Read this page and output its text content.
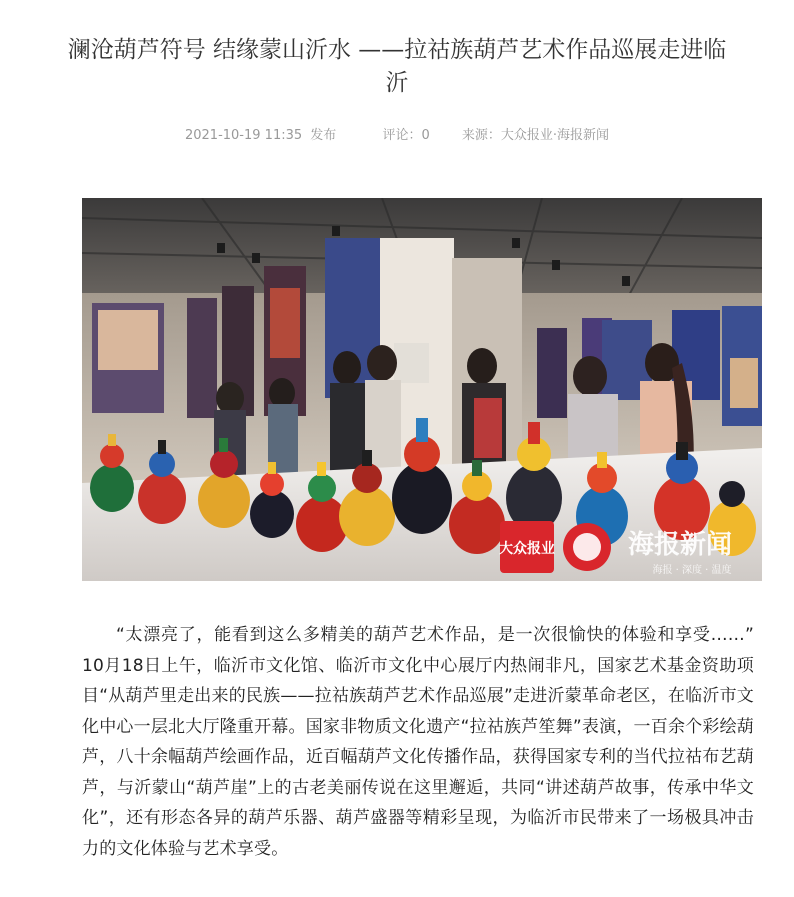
澜沧葫芦符号 结缘蒙山沂水 ——拉祜族葫芦艺术作品巡展走进临沂
2021-10-19 11:35 发布	评论：0 来源：大众报业·海报新闻
大众报业	海报新闻
海报 · 深度 · 温度

“太漂亮了，能看到这么多精美的葫芦艺术作品，是一次很愉快的体验和享受……” 10月18日上午，临沂市文化馆、临沂市文化中心展厅内热闹非凡，国家艺术基金资助项目“从葫芦里走出来的民族——拉祜族葫芦艺术作品巡展”走进沂蒙革命老区，在临沂市文化中心一层北大厅隆重开幕。国家非物质文化遗产“拉祜族芦笙舞”表演，一百余个彩绘葫芦，八十余幅葫芦绘画作品，近百幅葫芦文化传播作品，获得国家专利的当代拉祜布艺葫芦，与沂蒙山“葫芦崖”上的古老美丽传说在这里邂逅，共同“讲述葫芦故事，传承中华文化”，还有形态各异的葫芦乐器、葫芦盛器等精彩呈现，为临沂市民带来了一场极具冲击力的文化体验与艺术享受。
